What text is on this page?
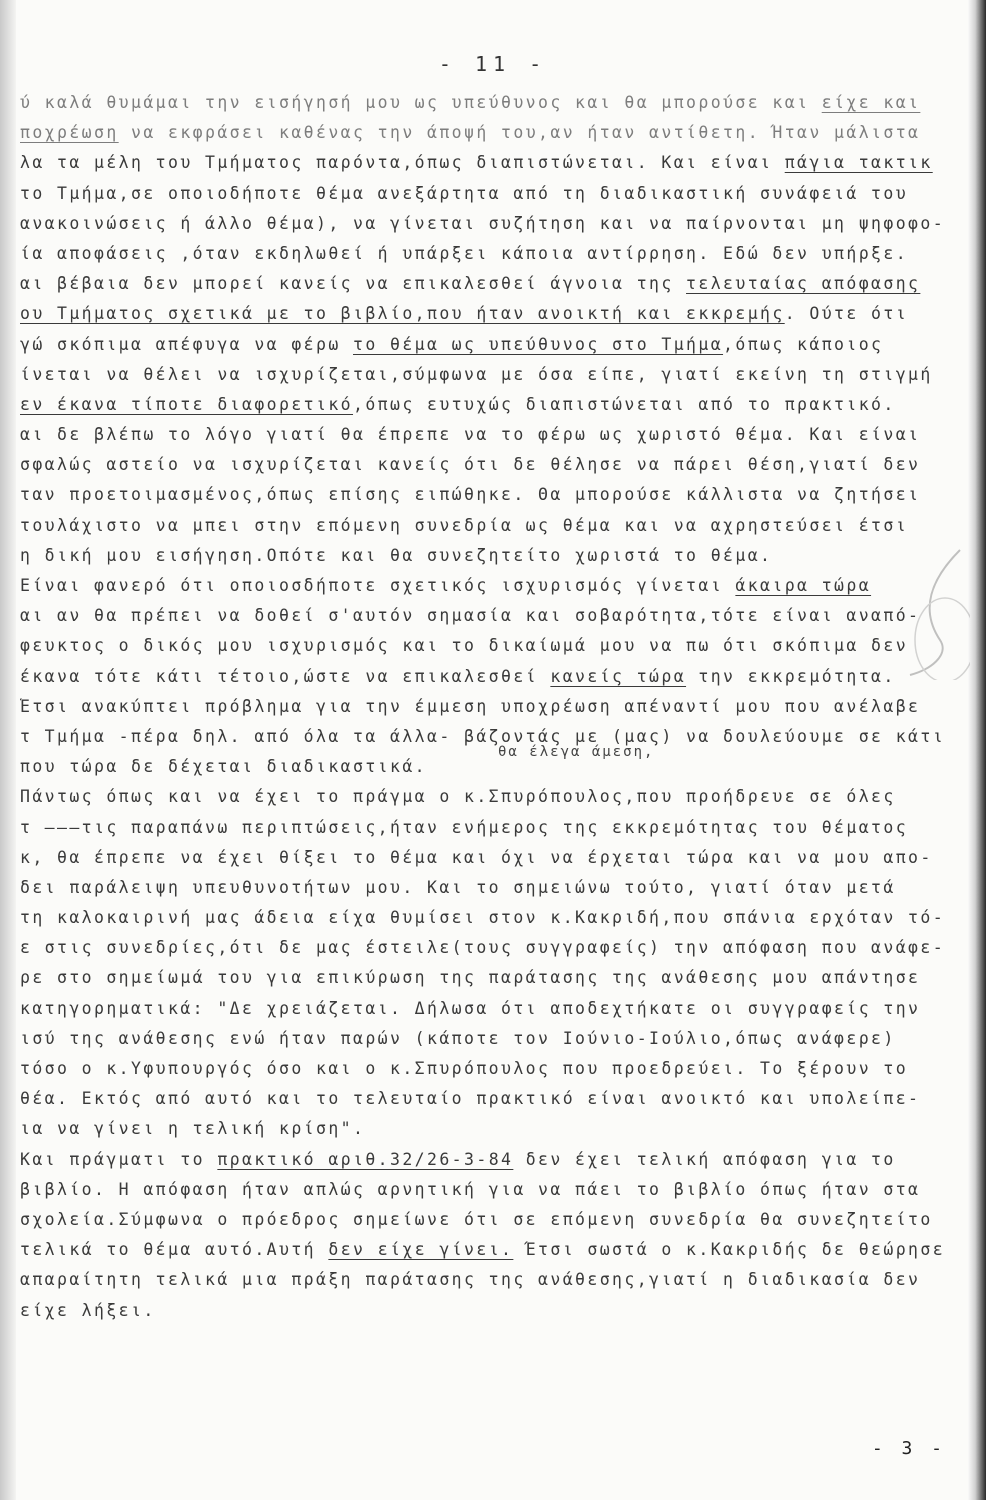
- 11 -
ύ καλά θυμάμαι την εισήγησή μου ως υπεύθυνος και θα μπορούσε και είχε και
ποχρέωση να εκφράσει καθένας την άποψή του,αν ήταν αντίθετη. Ήταν μάλιστα
λα τα μέλη του Τμήματος παρόντα,όπως διαπιστώνεται. Και είναι πάγια τακτικ
το Τμήμα,σε οποιοδήποτε θέμα ανεξάρτητα από τη διαδικαστική συνάφειά του
ανακοινώσεις ή άλλο θέμα), να γίνεται συζήτηση και να παίρνονται μη ψηφοφο-
ία αποφάσεις ,όταν εκδηλωθεί ή υπάρξει κάποια αντίρρηση. Εδώ δεν υπήρξε.
αι βέβαια δεν μπορεί κανείς να επικαλεσθεί άγνοια της τελευταίας απόφασης
ου Τμήματος σχετικά με το βιβλίο,που ήταν ανοικτή και εκκρεμής. Ούτε ότι
γώ σκόπιμα απέφυγα να φέρω το θέμα ως υπεύθυνος στο Τμήμα,όπως κάποιος
ίνεται να θέλει να ισχυρίζεται,σύμφωνα με όσα είπε, γιατί εκείνη τη στιγμή
εν έκανα τίποτε διαφορετικό,όπως ευτυχώς διαπιστώνεται από το πρακτικό.
αι δε βλέπω το λόγο γιατί θα έπρεπε να το φέρω ως χωριστό θέμα. Και είναι
σφαλώς αστείο να ισχυρίζεται κανείς ότι δε θέλησε να πάρει θέση,γιατί δεν
ταν προετοιμασμένος,όπως επίσης ειπώθηκε. Θα μπορούσε κάλλιστα να ζητήσει
τουλάχιστο να μπει στην επόμενη συνεδρία ως θέμα και να αχρηστεύσει έτσι
η δική μου εισήγηση.Οπότε και θα συνεζητείτο χωριστά το θέμα.
Είναι φανερό ότι οποιοσδήποτε σχετικός ισχυρισμός γίνεται άκαιρα τώρα
αι αν θα πρέπει να δοθεί σ'αυτόν σημασία και σοβαρότητα,τότε είναι αναπό-
φευκτος ο δικός μου ισχυρισμός και το δικαίωμά μου να πω ότι σκόπιμα δεν
έκανα τότε κάτι τέτοιο,ώστε να επικαλεσθεί κανείς τώρα την εκκρεμότητα.
Έτσι ανακύπτει πρόβλημα για την έμμεση υποχρέωση απέναντί μου που ανέλαβε
τ Τμήμα -πέρα δηλ. από όλα τα άλλα- βάζοντάς με (μας) να δουλεύουμε σε κάτι
που τώρα δε δέχεται διαδικαστικά.
Πάντως όπως και να έχει το πράγμα ο κ.Σπυρόπουλος,που προήδρευε σε όλες
τ ———τις παραπάνω περιπτώσεις,ήταν ενήμερος της εκκρεμότητας του θέματος
κ, θα έπρεπε να έχει θίξει το θέμα και όχι να έρχεται τώρα και να μου απο-
δει παράλειψη υπευθυνοτήτων μου. Και το σημειώνω τούτο, γιατί όταν μετά
τη καλοκαιρινή μας άδεια είχα θυμίσει στον κ.Κακριδή,που σπάνια ερχόταν τό-
ε στις συνεδρίες,ότι δε μας έστειλε(τους συγγραφείς) την απόφαση που ανάφε-
ρε στο σημείωμά του για επικύρωση της παράτασης της ανάθεσης μου απάντησε
κατηγορηματικά: "Δε χρειάζεται. Δήλωσα ότι αποδεχτήκατε οι συγγραφείς την
ισύ της ανάθεσης ενώ ήταν παρών (κάποτε τον Ιούνιο-Ιούλιο,όπως ανάφερε)
τόσο ο κ.Υφυπουργός όσο και ο κ.Σπυρόπουλος που προεδρεύει. Το ξέρουν το
θέα. Εκτός από αυτό και το τελευταίο πρακτικό είναι ανοικτό και υπολείπε-
ια να γίνει η τελική κρίση".
Και πράγματι το πρακτικό αριθ.32/26-3-84 δεν έχει τελική απόφαση για το
βιβλίο. Η απόφαση ήταν απλώς αρνητική για να πάει το βιβλίο όπως ήταν στα
σχολεία.Σύμφωνα ο πρόεδρος σημείωνε ότι σε επόμενη συνεδρία θα συνεζητείτο
τελικά το θέμα αυτό.Αυτή δεν είχε γίνει. Έτσι σωστά ο κ.Κακριδής δε θεώρησε
απαραίτητη τελικά μια πράξη παράτασης της ανάθεσης,γιατί η διαδικασία δεν
είχε λήξει.
θα έλεγα άμεση,
- 3 -
